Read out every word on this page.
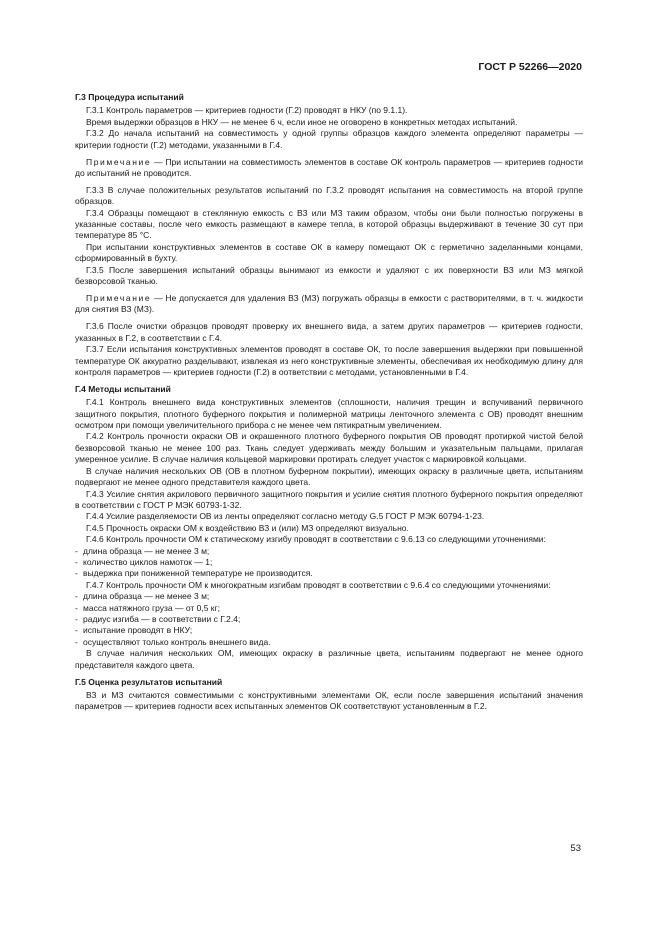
ГОСТ Р 52266—2020

Г.3 Процедура испытаний

Г.3.1 Контроль параметров — критериев годности (Г.2) проводят в НКУ (по 9.1.1).

Время выдержки образцов в НКУ — не менее 6 ч, если иное не оговорено в конкретных методах испытаний.

Г.3.2 До начала испытаний на совместимость у одной группы образцов каждого элемента определяют параметры — критерии годности (Г.2) методами, указанными в Г.4.

Примечание — При испытании на совместимость элементов в составе ОК контроль параметров — критериев годности до испытаний не проводится.

Г.3.3 В случае положительных результатов испытаний по Г.3.2 проводят испытания на совместимость на второй группе образцов.

Г.3.4 Образцы помещают в стеклянную емкость с ВЗ или МЗ таким образом, чтобы они были полностью погружены в указанные составы, после чего емкость размещают в камере тепла, в которой образцы выдерживают в течение 30 сут при температуре 85 °С.

При испытании конструктивных элементов в составе ОК в камеру помещают ОК с герметично заделанными концами, сформированный в бухту.

Г.3.5 После завершения испытаний образцы вынимают из емкости и удаляют с их поверхности ВЗ или МЗ мягкой безворсовой тканью.

Примечание — Не допускается для удаления ВЗ (МЗ) погружать образцы в емкости с растворителями, в т. ч. жидкости для снятия ВЗ (МЗ).

Г.3.6 После очистки образцов проводят проверку их внешнего вида, а затем других параметров — критериев годности, указанных в Г.2, в соответствии с Г.4.

Г.3.7 Если испытания конструктивных элементов проводят в составе ОК, то после завершения выдержки при повышенной температуре ОК аккуратно разделывают, извлекая из него конструктивные элементы, обеспечивая их необходимую длину для контроля параметров — критериев годности (Г.2) в оответствии с методами, установленными в Г.4.

Г.4 Методы испытаний

Г.4.1 Контроль внешнего вида конструктивных элементов (сплошности, наличия трещин и вспучиваний первичного защитного покрытия, плотного буферного покрытия и полимерной матрицы ленточного элемента с ОВ) проводят внешним осмотром при помощи увеличительного прибора с не менее чем пятикратным увеличением.

Г.4.2 Контроль прочности окраски ОВ и окрашенного плотного буферного покрытия ОВ проводят протиркой чистой белой безворсовой тканью не менее 100 раз. Ткань следует удерживать между большим и указательным пальцами, прилагая умеренное усилие. В случае наличия кольцевой маркировки протирать следует участок с маркировкой кольцами.

В случае наличия нескольких ОВ (ОВ в плотном буферном покрытии), имеющих окраску в различные цвета, испытаниям подвергают не менее одного представителя каждого цвета.

Г.4.3 Усилие снятия акрилового первичного защитного покрытия и усилие снятия плотного буферного покрытия определяют в соответствии с ГОСТ Р МЭК 60793-1-32.

Г.4.4 Усилие разделяемости ОВ из ленты определяют согласно методу G.5 ГОСТ Р МЭК 60794-1-23.

Г.4.5 Прочность окраски ОМ к воздействию ВЗ и (или) МЗ определяют визуально.

Г.4.6 Контроль прочности ОМ к статическому изгибу проводят в соответствии с 9.6.13 со следующими уточнениями:

- длина образца — не менее 3 м;

- количество циклов намоток — 1;

- выдержка при пониженной температуре не производится.

Г.4.7 Контроль прочности ОМ к многократным изгибам проводят в соответствии с 9.6.4 со следующими уточнениями:

- длина образца — не менее 3 м;

- масса натяжного груза — от 0,5 кг;

- радиус изгиба — в соответствии с Г.2.4;

- испытание проводят в НКУ;

- осуществляют только контроль внешнего вида.

В случае наличия нескольких ОМ, имеющих окраску в различные цвета, испытаниям подвергают не менее одного представителя каждого цвета.

Г.5 Оценка результатов испытаний

ВЗ и МЗ считаются совместимыми с конструктивными элементами ОК, если после завершения испытаний значения параметров — критериев годности всех испытанных элементов ОК соответствуют установленным в Г.2.

53
